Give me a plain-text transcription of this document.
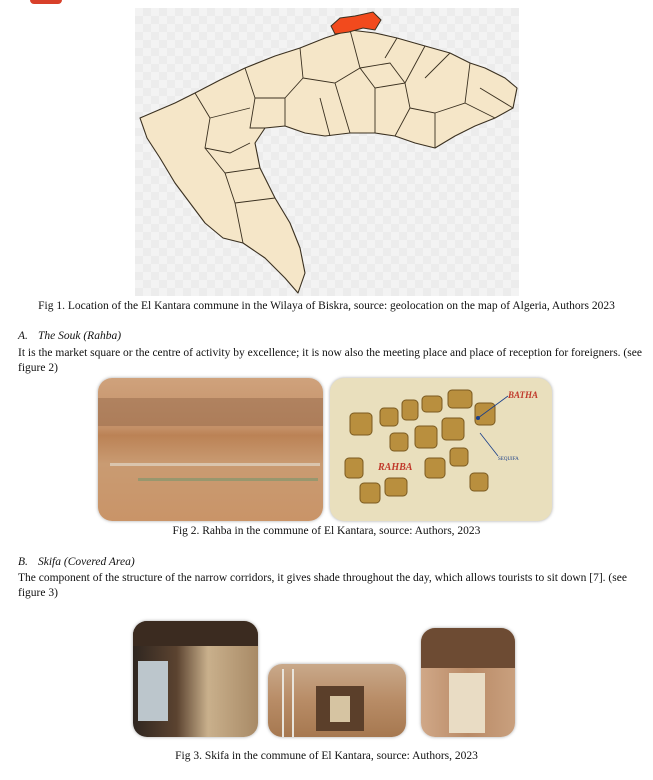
Fig 1. Location of the El Kantara commune in the Wilaya of Biskra, source: geolocation on the map of Algeria, Authors 2023
A. The Souk (Rahba)
It is the market square or the centre of activity by excellence; it is now also the meeting place and place of reception for foreigners. (see figure 2)
BATHA
RAHBA
SEQUIFA
Fig 2. Rahba in the commune of El Kantara, source: Authors, 2023
B. Skifa (Covered Area)
The component of the structure of the narrow corridors, it gives shade throughout the day, which allows tourists to sit down [7]. (see figure 3)
Fig 3. Skifa in the commune of El Kantara, source: Authors, 2023
